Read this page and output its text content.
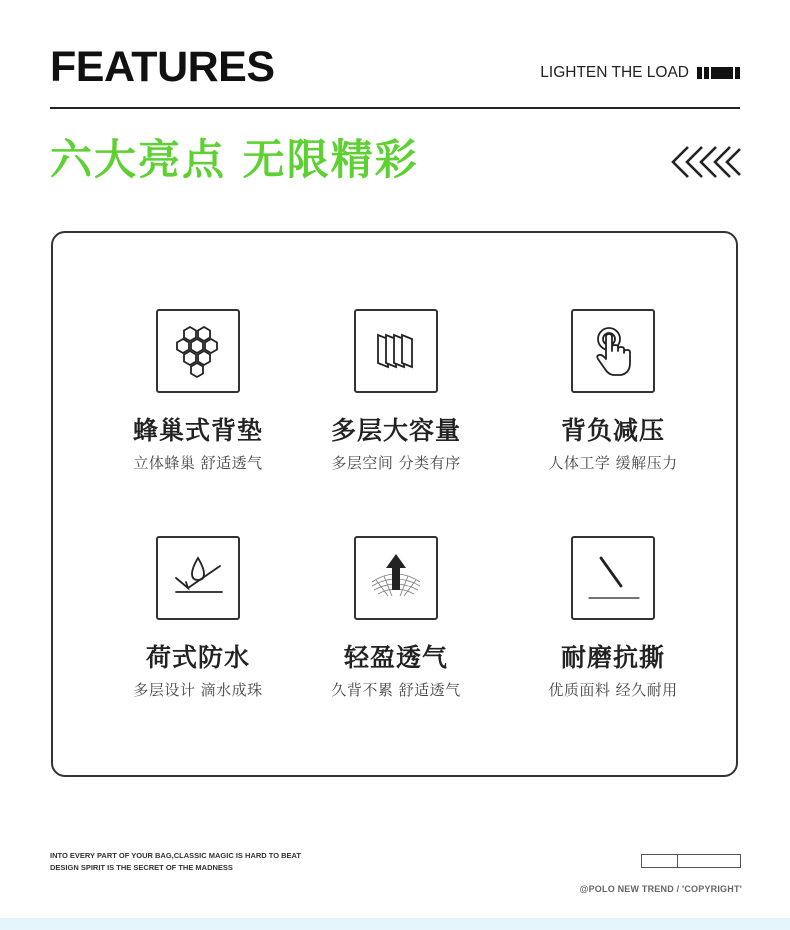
FEATURES	LIGHTEN THE LOAD
六大亮点 无限精彩
蜂巢式背垫
立体蜂巢 舒适透气
多层大容量
多层空间 分类有序
背负减压
人体工学 缓解压力
荷式防水
多层设计 滴水成珠
轻盈透气
久背不累 舒适透气
耐磨抗撕
优质面料 经久耐用
INTO EVERY PART OF YOUR BAG,CLASSIC MAGIC IS HARD TO BEAT
DESIGN SPIRIT IS THE SECRET OF THE MADNESS
@POLO NEW TREND / 'COPYRIGHT'
